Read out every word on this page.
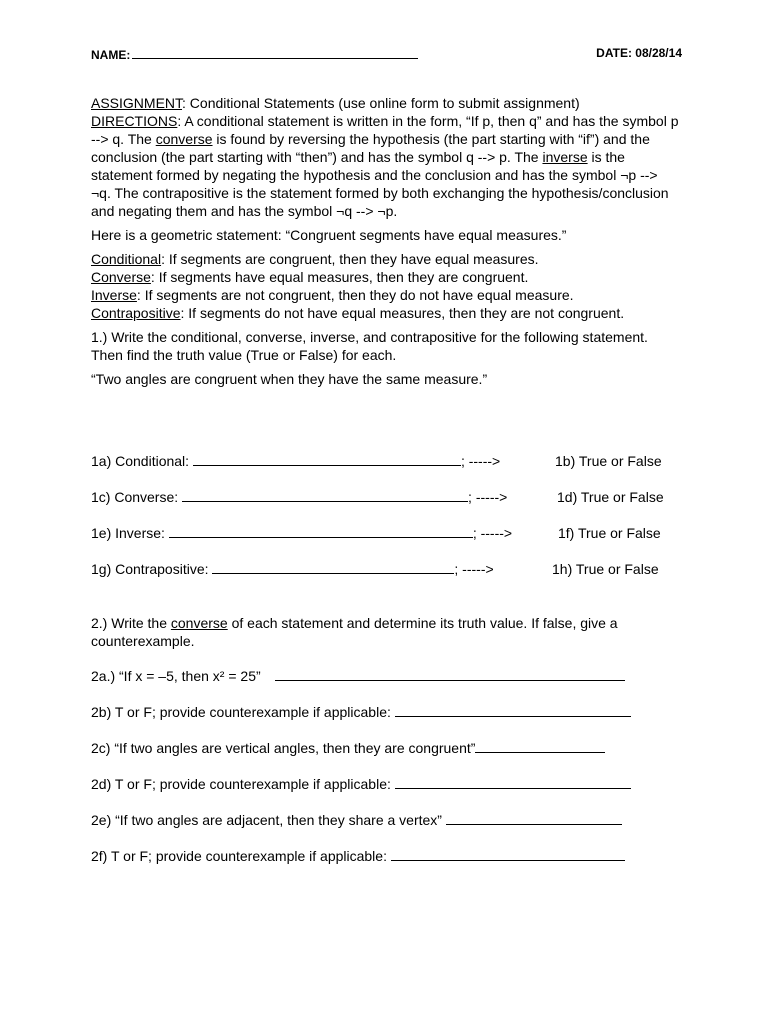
NAME:	DATE: 08/28/14

ASSIGNMENT: Conditional Statements (use online form to submit assignment)

DIRECTIONS: A conditional statement is written in the form, “If p, then q” and has the symbol p --> q. The converse is found by reversing the hypothesis (the part starting with “if”) and the conclusion (the part starting with “then”) and has the symbol q --> p. The inverse is the statement formed by negating the hypothesis and the conclusion and has the symbol ¬p --> ¬q. The contrapositive is the statement formed by both exchanging the hypothesis/conclusion and negating them and has the symbol ¬q --> ¬p.

Here is a geometric statement: “Congruent segments have equal measures.”

Conditional: If segments are congruent, then they have equal measures.

Converse: If segments have equal measures, then they are congruent.

Inverse: If segments are not congruent, then they do not have equal measure.

Contrapositive: If segments do not have equal measures, then they are not congruent.

1.) Write the conditional, converse, inverse, and contrapositive for the following statement. Then find the truth value (True or False) for each.

“Two angles are congruent when they have the same measure.”

1a) Conditional:	; ----->	1b) True or False
1c) Converse:	; ----->	1d) True or False
1e) Inverse:	; ----->	1f) True or False
1g) Contrapositive:	; ----->	1h) True or False
2.) Write the converse of each statement and determine its truth value. If false, give a counterexample.
2a.) “If x = –5, then x² = 25”
2b) T or F; provide counterexample if applicable:
2c) “If two angles are vertical angles, then they are congruent”
2d) T or F; provide counterexample if applicable:
2e) “If two angles are adjacent, then they share a vertex”
2f) T or F; provide counterexample if applicable:
